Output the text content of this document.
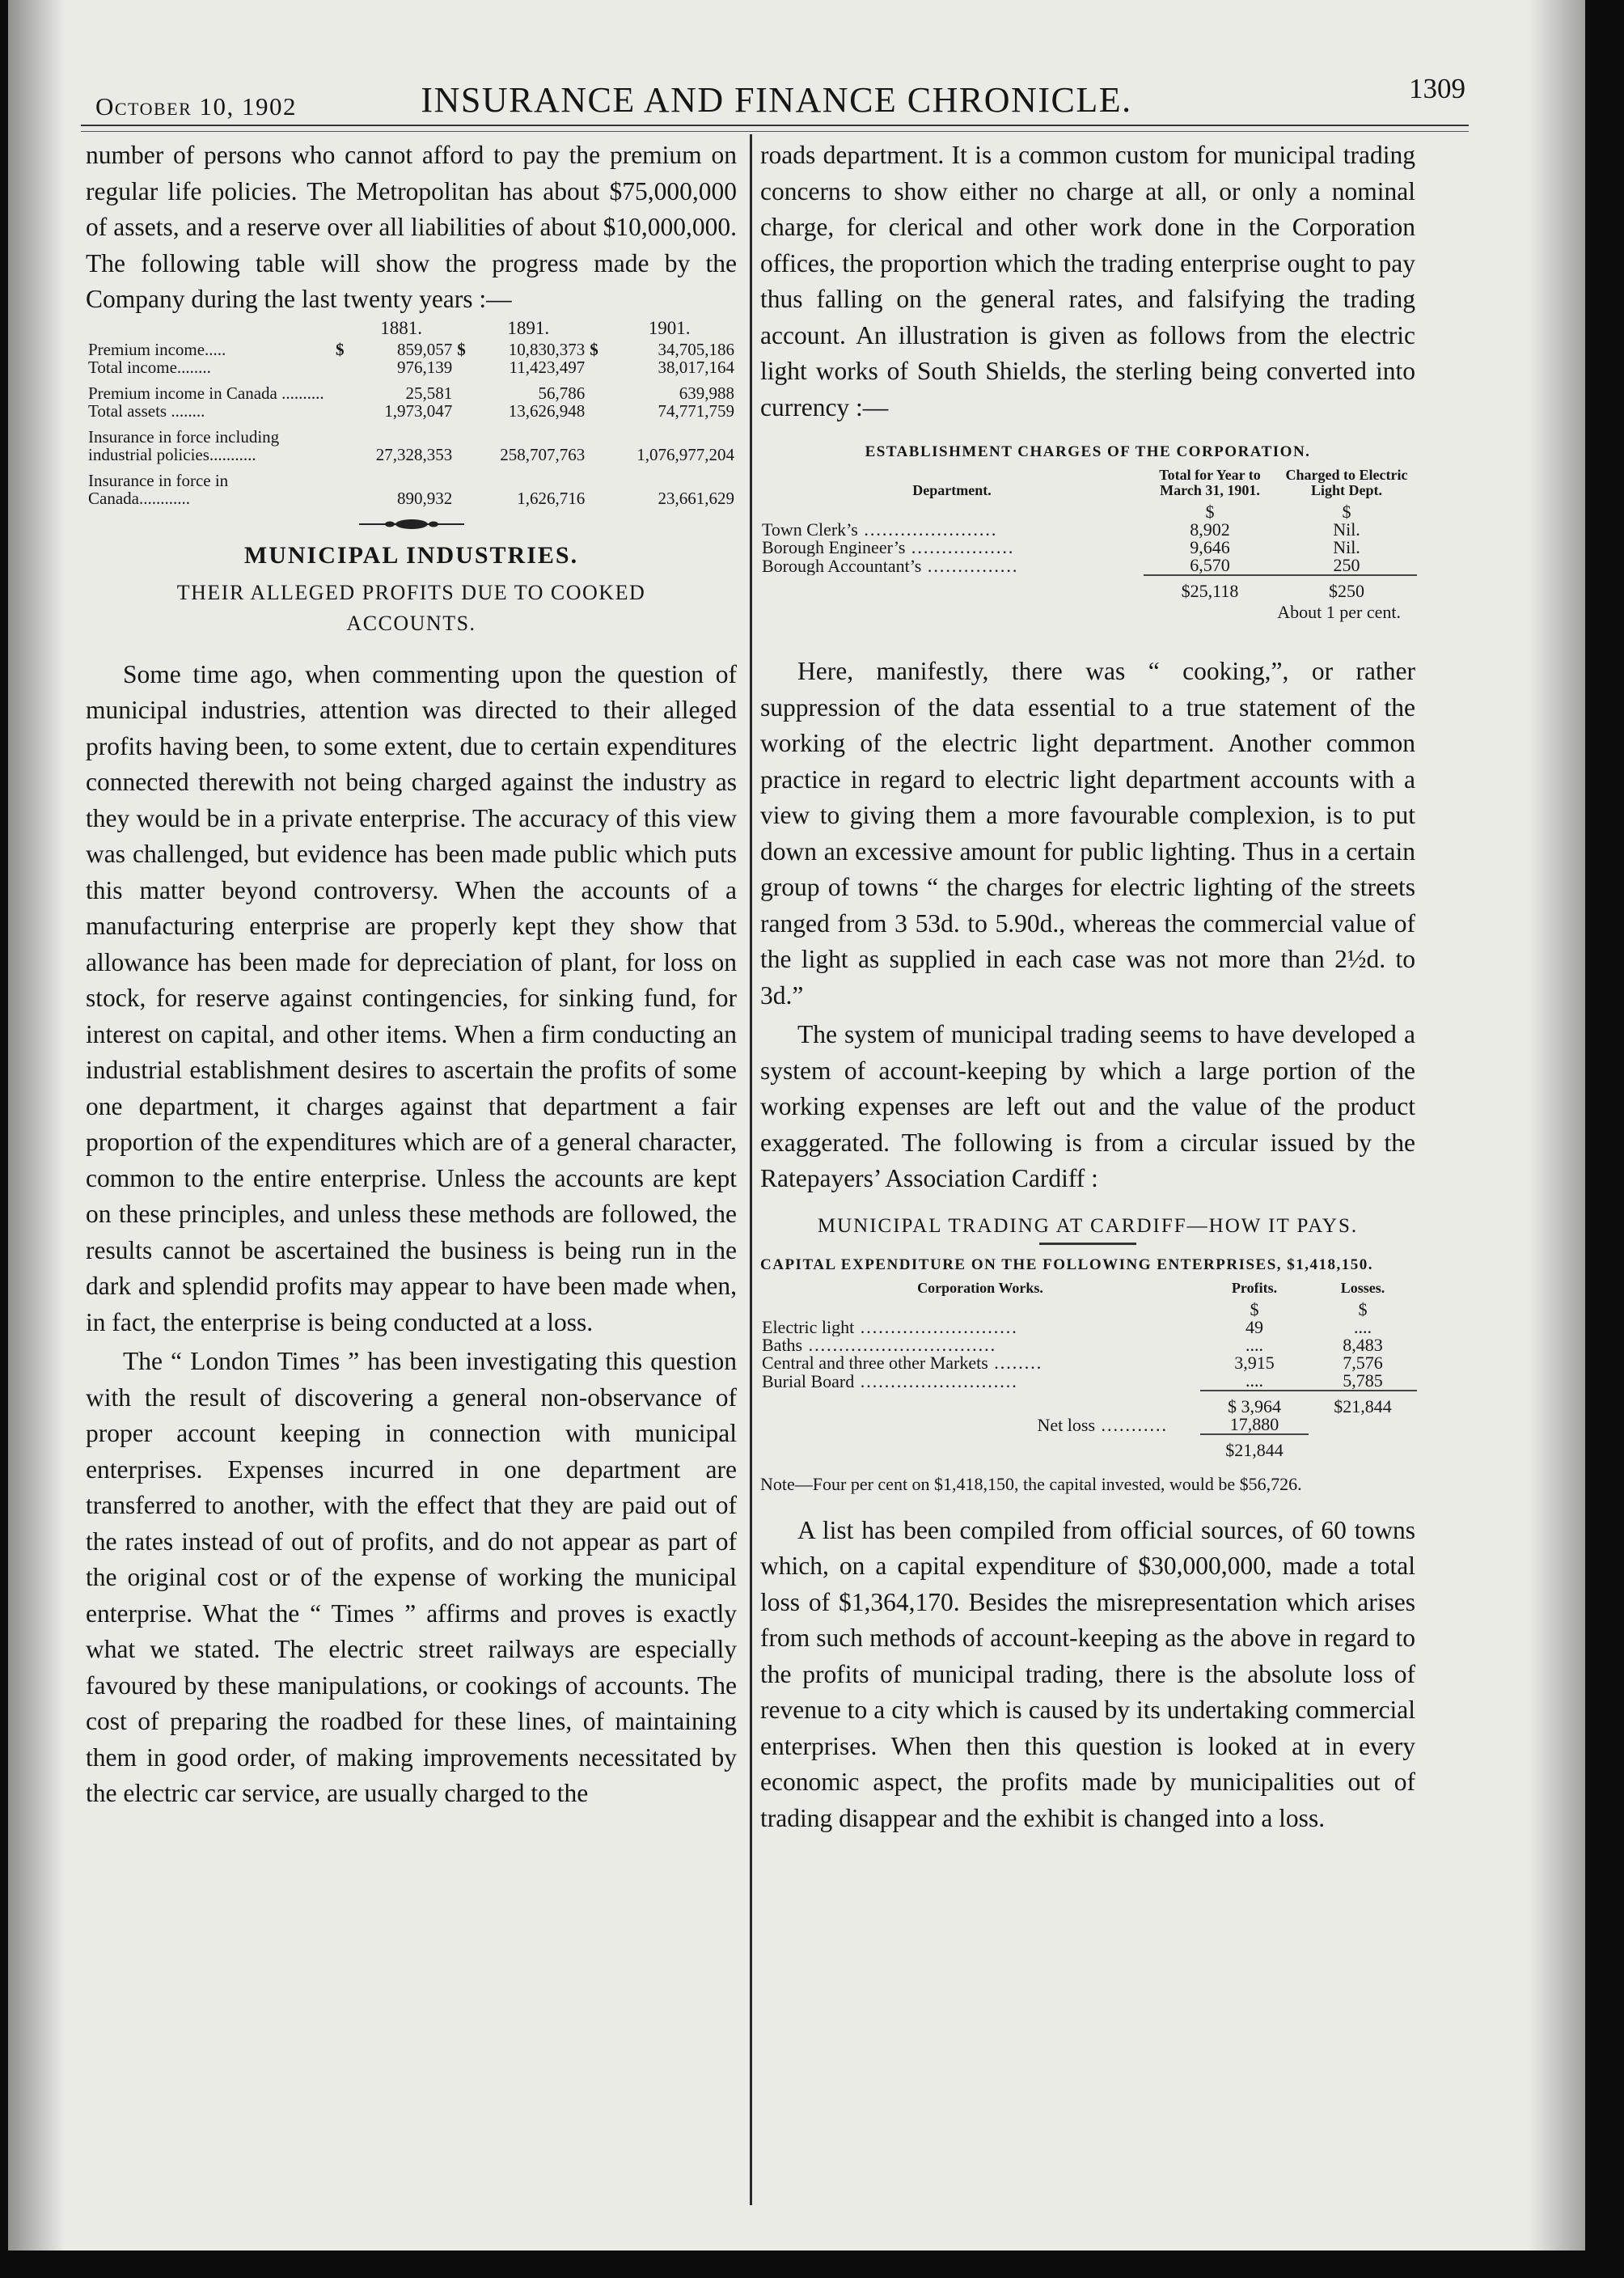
October 10, 1902	INSURANCE AND FINANCE CHRONICLE.	1309

number of persons who cannot afford to pay the premium on regular life policies. The Metropolitan has about $75,000,000 of assets, and a reserve over all liabilities of about $10,000,000. The following table will show the progress made by the Company during the last twenty years :—

		1881.		1891.		1901.
Premium income.....	$	859,057	$	10,830,373	$	34,705,186
Total income........		976,139		11,423,497		38,017,164
Premium income in Canada ..........		25,581		56,786		639,988
Total assets ........		1,973,047		13,626,948		74,771,759
Insurance in force including industrial policies...........		27,328,353		258,707,763		1,076,977,204
Insurance in force in Canada............		890,932		1,626,716		23,661,629
MUNICIPAL INDUSTRIES.
THEIR ALLEGED PROFITS DUE TO COOKED ACCOUNTS.

Some time ago, when commenting upon the question of municipal industries, attention was directed to their alleged profits having been, to some extent, due to certain expenditures connected therewith not being charged against the industry as they would be in a private enterprise. The accuracy of this view was challenged, but evidence has been made public which puts this matter beyond controversy. When the accounts of a manufacturing enterprise are properly kept they show that allowance has been made for depreciation of plant, for loss on stock, for reserve against contingencies, for sinking fund, for interest on capital, and other items. When a firm conducting an industrial establishment desires to ascertain the profits of some one department, it charges against that department a fair proportion of the expenditures which are of a general character, common to the entire enterprise. Unless the accounts are kept on these principles, and unless these methods are followed, the results cannot be ascertained the business is being run in the dark and splendid profits may appear to have been made when, in fact, the enterprise is being conducted at a loss.

The “ London Times ” has been investigating this question with the result of discovering a general non-observance of proper account keeping in connection with municipal enterprises. Expenses incurred in one department are transferred to another, with the effect that they are paid out of the rates instead of out of profits, and do not appear as part of the original cost or of the expense of working the municipal enterprise. What the “ Times ” affirms and proves is exactly what we stated. The electric street railways are especially favoured by these manipulations, or cookings of accounts. The cost of preparing the roadbed for these lines, of maintaining them in good order, of making improvements necessitated by the electric car service, are usually charged to the

roads department. It is a common custom for municipal trading concerns to show either no charge at all, or only a nominal charge, for clerical and other work done in the Corporation offices, the proportion which the trading enterprise ought to pay thus falling on the general rates, and falsifying the trading account. An illustration is given as follows from the electric light works of South Shields, the sterling being converted into currency :—

ESTABLISHMENT CHARGES OF THE CORPORATION.
Department.	Total for Year to March 31, 1901.	Charged to Electric Light Dept.
	$	$
Town Clerk’s ......................	8,902	Nil.
Borough Engineer’s .................	9,646	Nil.
Borough Accountant’s ...............	6,570	250
	$25,118	$250
About 1 per cent.		

Here, manifestly, there was “ cooking,”, or rather suppression of the data essential to a true statement of the working of the electric light department. Another common practice in regard to electric light department accounts with a view to giving them a more favourable complexion, is to put down an excessive amount for public lighting. Thus in a certain group of towns “ the charges for electric lighting of the streets ranged from 3 53d. to 5.90d., whereas the commercial value of the light as supplied in each case was not more than 2½d. to 3d.”

The system of municipal trading seems to have developed a system of account-keeping by which a large portion of the working expenses are left out and the value of the product exaggerated. The following is from a circular issued by the Ratepayers’ Association Cardiff :

MUNICIPAL TRADING AT CARDIFF—HOW IT PAYS.
CAPITAL EXPENDITURE ON THE FOLLOWING ENTERPRISES, $1,418,150.
Corporation Works.	Profits.	Losses.
	$	$
Electric light ..........................	49	....
Baths ...............................	....	8,483
Central and three other Markets ........	3,915	7,576
Burial Board ..........................	....	5,785
	$ 3,964	$21,844
Net loss ...........	17,880	
	$21,844	
Note—Four per cent on $1,418,150, the capital invested, would be $56,726.

A list has been compiled from official sources, of 60 towns which, on a capital expenditure of $30,000,000, made a total loss of $1,364,170. Besides the misrepresentation which arises from such methods of account-keeping as the above in regard to the profits of municipal trading, there is the absolute loss of revenue to a city which is caused by its undertaking commercial enterprises. When then this question is looked at in every economic aspect, the profits made by municipalities out of trading disappear and the exhibit is changed into a loss.
